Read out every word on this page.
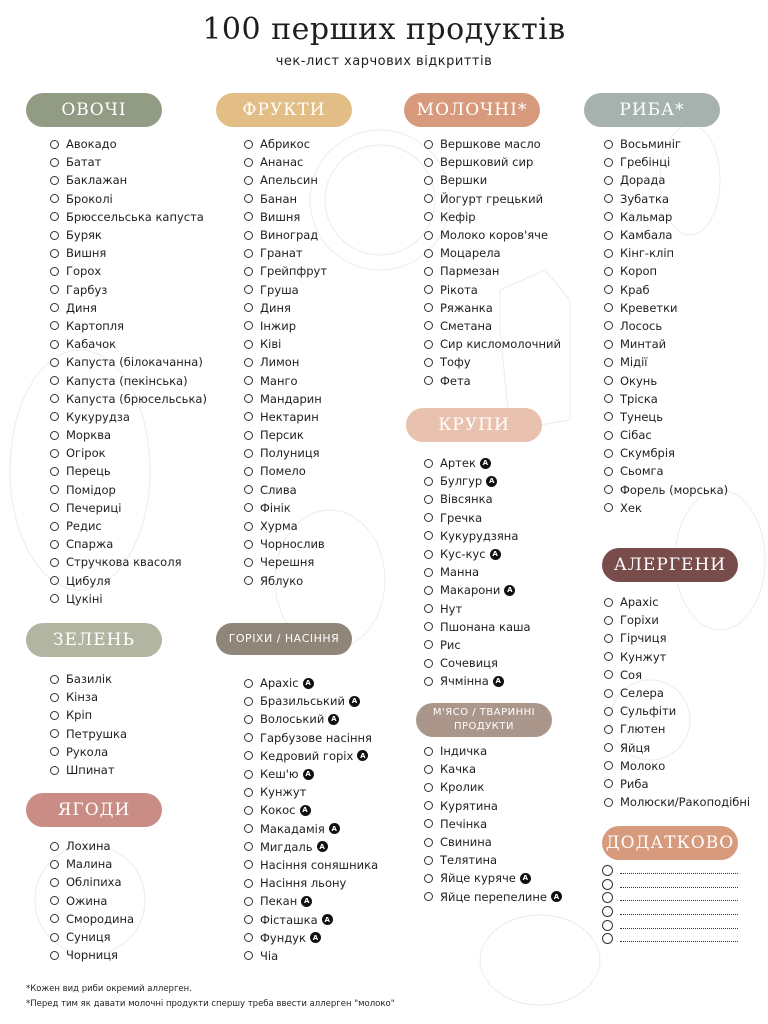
100 перших продуктів
чек-лист харчових відкриттів
ОВОЧІ	ФРУКТИ	МОЛОЧНІ*	РИБА*
ЗЕЛЕНЬ
ЯГОДИ
ГОРІХИ / НАСІННЯ
КРУПИ
М'ЯСО / ТВАРИННІ
ПРОДУКТИ
АЛЕРГЕНИ
ДОДАТКОВО
Авокадо
Батат
Баклажан
Броколі
Брюссельська капуста
Буряк
Вишня
Горох
Гарбуз
Диня
Картопля
Кабачок
Капуста (білокачанна)
Капуста (пекінська)
Капуста (брюсельська)
Кукурудза
Морква
Огірок
Перець
Помідор
Печериці
Редис
Спаржа
Стручкова квасоля
Цибуля
Цукіні
Абрикос
Ананас
Апельсин
Банан
Вишня
Виноград
Гранат
Грейпфрут
Груша
Диня
Інжир
Ківі
Лимон
Манго
Мандарин
Нектарин
Персик
Полуниця
Помело
Слива
Фінік
Хурма
Чорнослив
Черешня
Яблуко
Вершкове масло
Вершковий сир
Вершки
Йогурт грецький
Кефір
Молоко коров'яче
Моцарела
Пармезан
Рікота
Ряжанка
Сметана
Сир кисломолочний
Тофу
Фета
Восьминіг
Гребінці
Дорада
Зубатка
Кальмар
Камбала
Кінг-кліп
Короп
Краб
Креветки
Лосось
Минтай
Мідії
Окунь
Тріска
Тунець
Сібас
Скумбрія
Сьомга
Форель (морська)
Хек
Базилік
Кінза
Кріп
Петрушка
Рукола
Шпинат
Лохина
Малина
Обліпиха
Ожина
Смородина
Суниця
Чорниця
Арахіс A
Бразильський A
Волоський A
Гарбузове насіння
Кедровий горіх A
Кеш'ю A
Кунжут
Кокос A
Макадамія A
Мигдаль A
Насіння соняшника
Насіння льону
Пекан A
Фісташка A
Фундук A
Чіа
Артек A
Булгур A
Вівсянка
Гречка
Кукурудзяна
Кус-кус A
Манна
Макарони A
Нут
Пшонана каша
Рис
Сочевиця
Ячмінна A
Індичка
Качка
Кролик
Курятина
Печінка
Свинина
Телятина
Яйце куряче A
Яйце перепелине A
Арахіс
Горіхи
Гірчиця
Кунжут
Соя
Селера
Сульфіти
Глютен
Яйця
Молоко
Риба
Молюски/Ракоподібні
*Кожен вид риби окремий аллерген.
*Перед тим як давати молочні продукти спершу треба ввести аллерген "молоко"
